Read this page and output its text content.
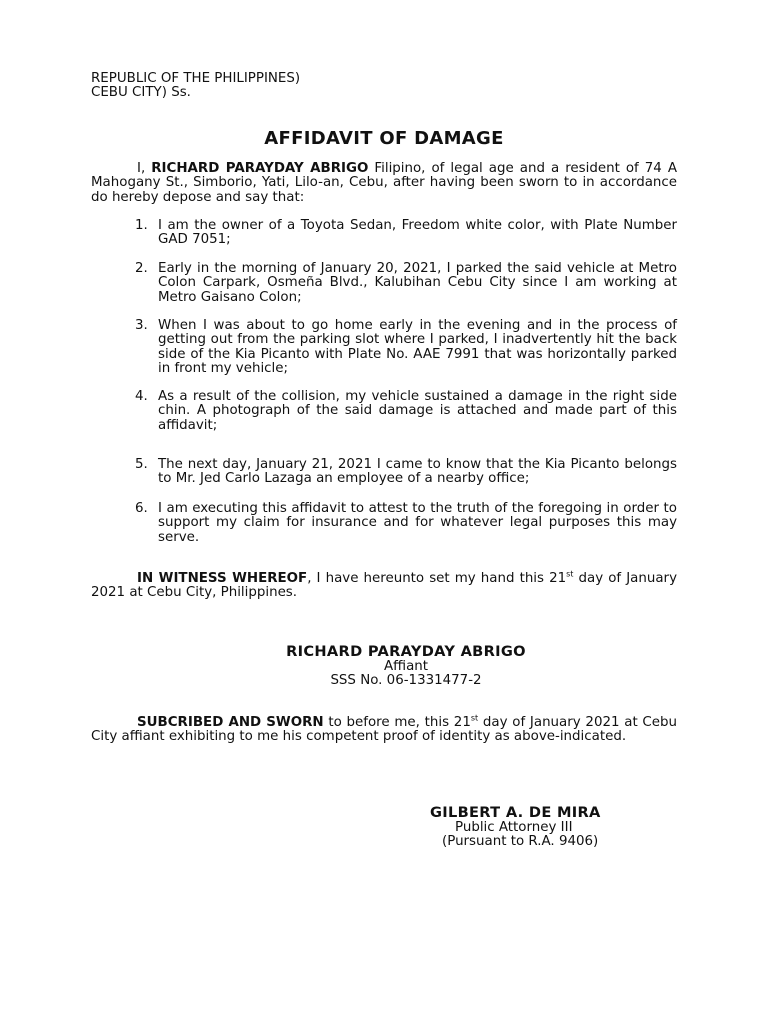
REPUBLIC OF THE PHILIPPINES)
CEBU CITY) Ss.
AFFIDAVIT OF DAMAGE
I, RICHARD PARAYDAY ABRIGO Filipino, of legal age and a resident of 74 A Mahogany St., Simborio, Yati, Lilo-an, Cebu, after having been sworn to in accordance do hereby depose and say that:
1. I am the owner of a Toyota Sedan, Freedom white color, with Plate Number GAD 7051;
2. Early in the morning of January 20, 2021, I parked the said vehicle at Metro Colon Carpark, Osmeña Blvd., Kalubihan Cebu City since I am working at Metro Gaisano Colon;
3. When I was about to go home early in the evening and in the process of getting out from the parking slot where I parked, I inadvertently hit the back side of the Kia Picanto with Plate No. AAE 7991 that was horizontally parked in front my vehicle;
4. As a result of the collision, my vehicle sustained a damage in the right side chin. A photograph of the said damage is attached and made part of this affidavit;
5. The next day, January 21, 2021 I came to know that the Kia Picanto belongs to Mr. Jed Carlo Lazaga an employee of a nearby office;
6. I am executing this affidavit to attest to the truth of the foregoing in order to support my claim for insurance and for whatever legal purposes this may serve.
IN WITNESS WHEREOF, I have hereunto set my hand this 21st day of January 2021 at Cebu City, Philippines.
RICHARD PARAYDAY ABRIGO
Affiant
SSS No. 06-1331477-2
SUBCRIBED AND SWORN to before me, this 21st day of January 2021 at Cebu City affiant exhibiting to me his competent proof of identity as above-indicated.
GILBERT A. DE MIRA
Public Attorney III
(Pursuant to R.A. 9406)
